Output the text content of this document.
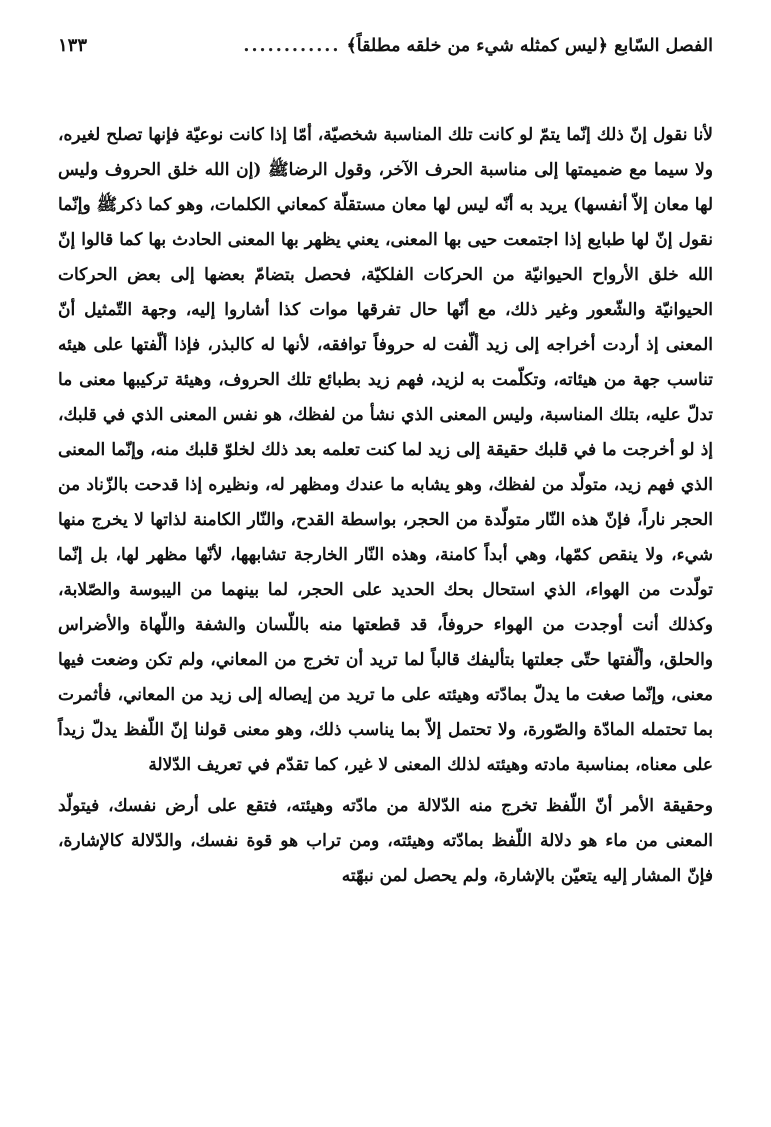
الفصل السّابع ﴿ليس كمثله شيء من خلقه مطلقاً﴾
............
١٣٣

لأنا نقول إنّ ذلك إنّما يتمّ لو كانت تلك المناسبة شخصيّة، أمّا إذا كانت نوعيّة فإنها تصلح لغيره، ولا سيما مع ضميمتها إلى مناسبة الحرف الآخر، وقول الرضاﷺ (إن الله خلق الحروف وليس لها معان إلاّ أنفسها) يريد به أنّه ليس لها معان مستقلّة كمعاني الكلمات، وهو كما ذكرﷺ وإنّما نقول إنّ لها طبايع إذا اجتمعت حيى بها المعنى، يعني يظهر بها المعنى الحادث بها كما قالوا إنّ الله خلق الأرواح الحيوانيّة من الحركات الفلكيّة، فحصل بتضامّ بعضها إلى بعض الحركات الحيوانيّة والشّعور وغير ذلك، مع أنّها حال تفرقها موات كذا أشاروا إليه، وجهة التّمثيل أنّ المعنى إذ أردت أخراجه إلى زيد ألّفت له حروفاً توافقه، لأنها له كالبذر، فإذا ألّفتها على هيئه تناسب جهة من هيئاته، وتكلّمت به لزيد، فهم زيد بطبائع تلك الحروف، وهيئة تركيبها معنى ما تدلّ عليه، بتلك المناسبة، وليس المعنى الذي نشأ من لفظك، هو نفس المعنى الذي في قلبك، إذ لو أخرجت ما في قلبك حقيقة إلى زيد لما كنت تعلمه بعد ذلك لخلوّ قلبك منه، وإنّما المعنى الذي فهم زيد، متولّد من لفظك، وهو يشابه ما عندك ومظهر له، ونظيره إذا قدحت بالزّناد من الحجر ناراً، فإنّ هذه النّار متولّدة من الحجر، بواسطة القدح، والنّار الكامنة لذاتها لا يخرج منها شيء، ولا ينقص كمّها، وهي أبداً كامنة، وهذه النّار الخارجة تشابهها، لأنّها مظهر لها، بل إنّما تولّدت من الهواء، الذي استحال بحك الحديد على الحجر، لما بينهما من اليبوسة والصّلابة، وكذلك أنت أوجدت من الهواء حروفاً، قد قطعتها منه باللّسان والشفة واللّهاة والأضراس والحلق، وألّفتها حتّى جعلتها بتأليفك قالباً لما تريد أن تخرج من المعاني، ولم تكن وضعت فيها معنى، وإنّما صغت ما يدلّ بمادّته وهيئته على ما تريد من إيصاله إلى زيد من المعاني، فأثمرت بما تحتمله المادّة والصّورة، ولا تحتمل إلاّ بما يناسب ذلك، وهو معنى قولنا إنّ اللّفظ يدلّ زيداً على معناه، بمناسبة مادته وهيئته لذلك المعنى لا غير، كما تقدّم في تعريف الدّلالة

وحقيقة الأمر أنّ اللّفظ تخرج منه الدّلالة من مادّته وهيئته، فتقع على أرض نفسك، فيتولّد المعنى من ماء هو دلالة اللّفظ بمادّته وهيئته، ومن تراب هو قوة نفسك، والدّلالة كالإشارة، فإنّ المشار إليه يتعيّن بالإشارة، ولم يحصل لمن نبهّته
